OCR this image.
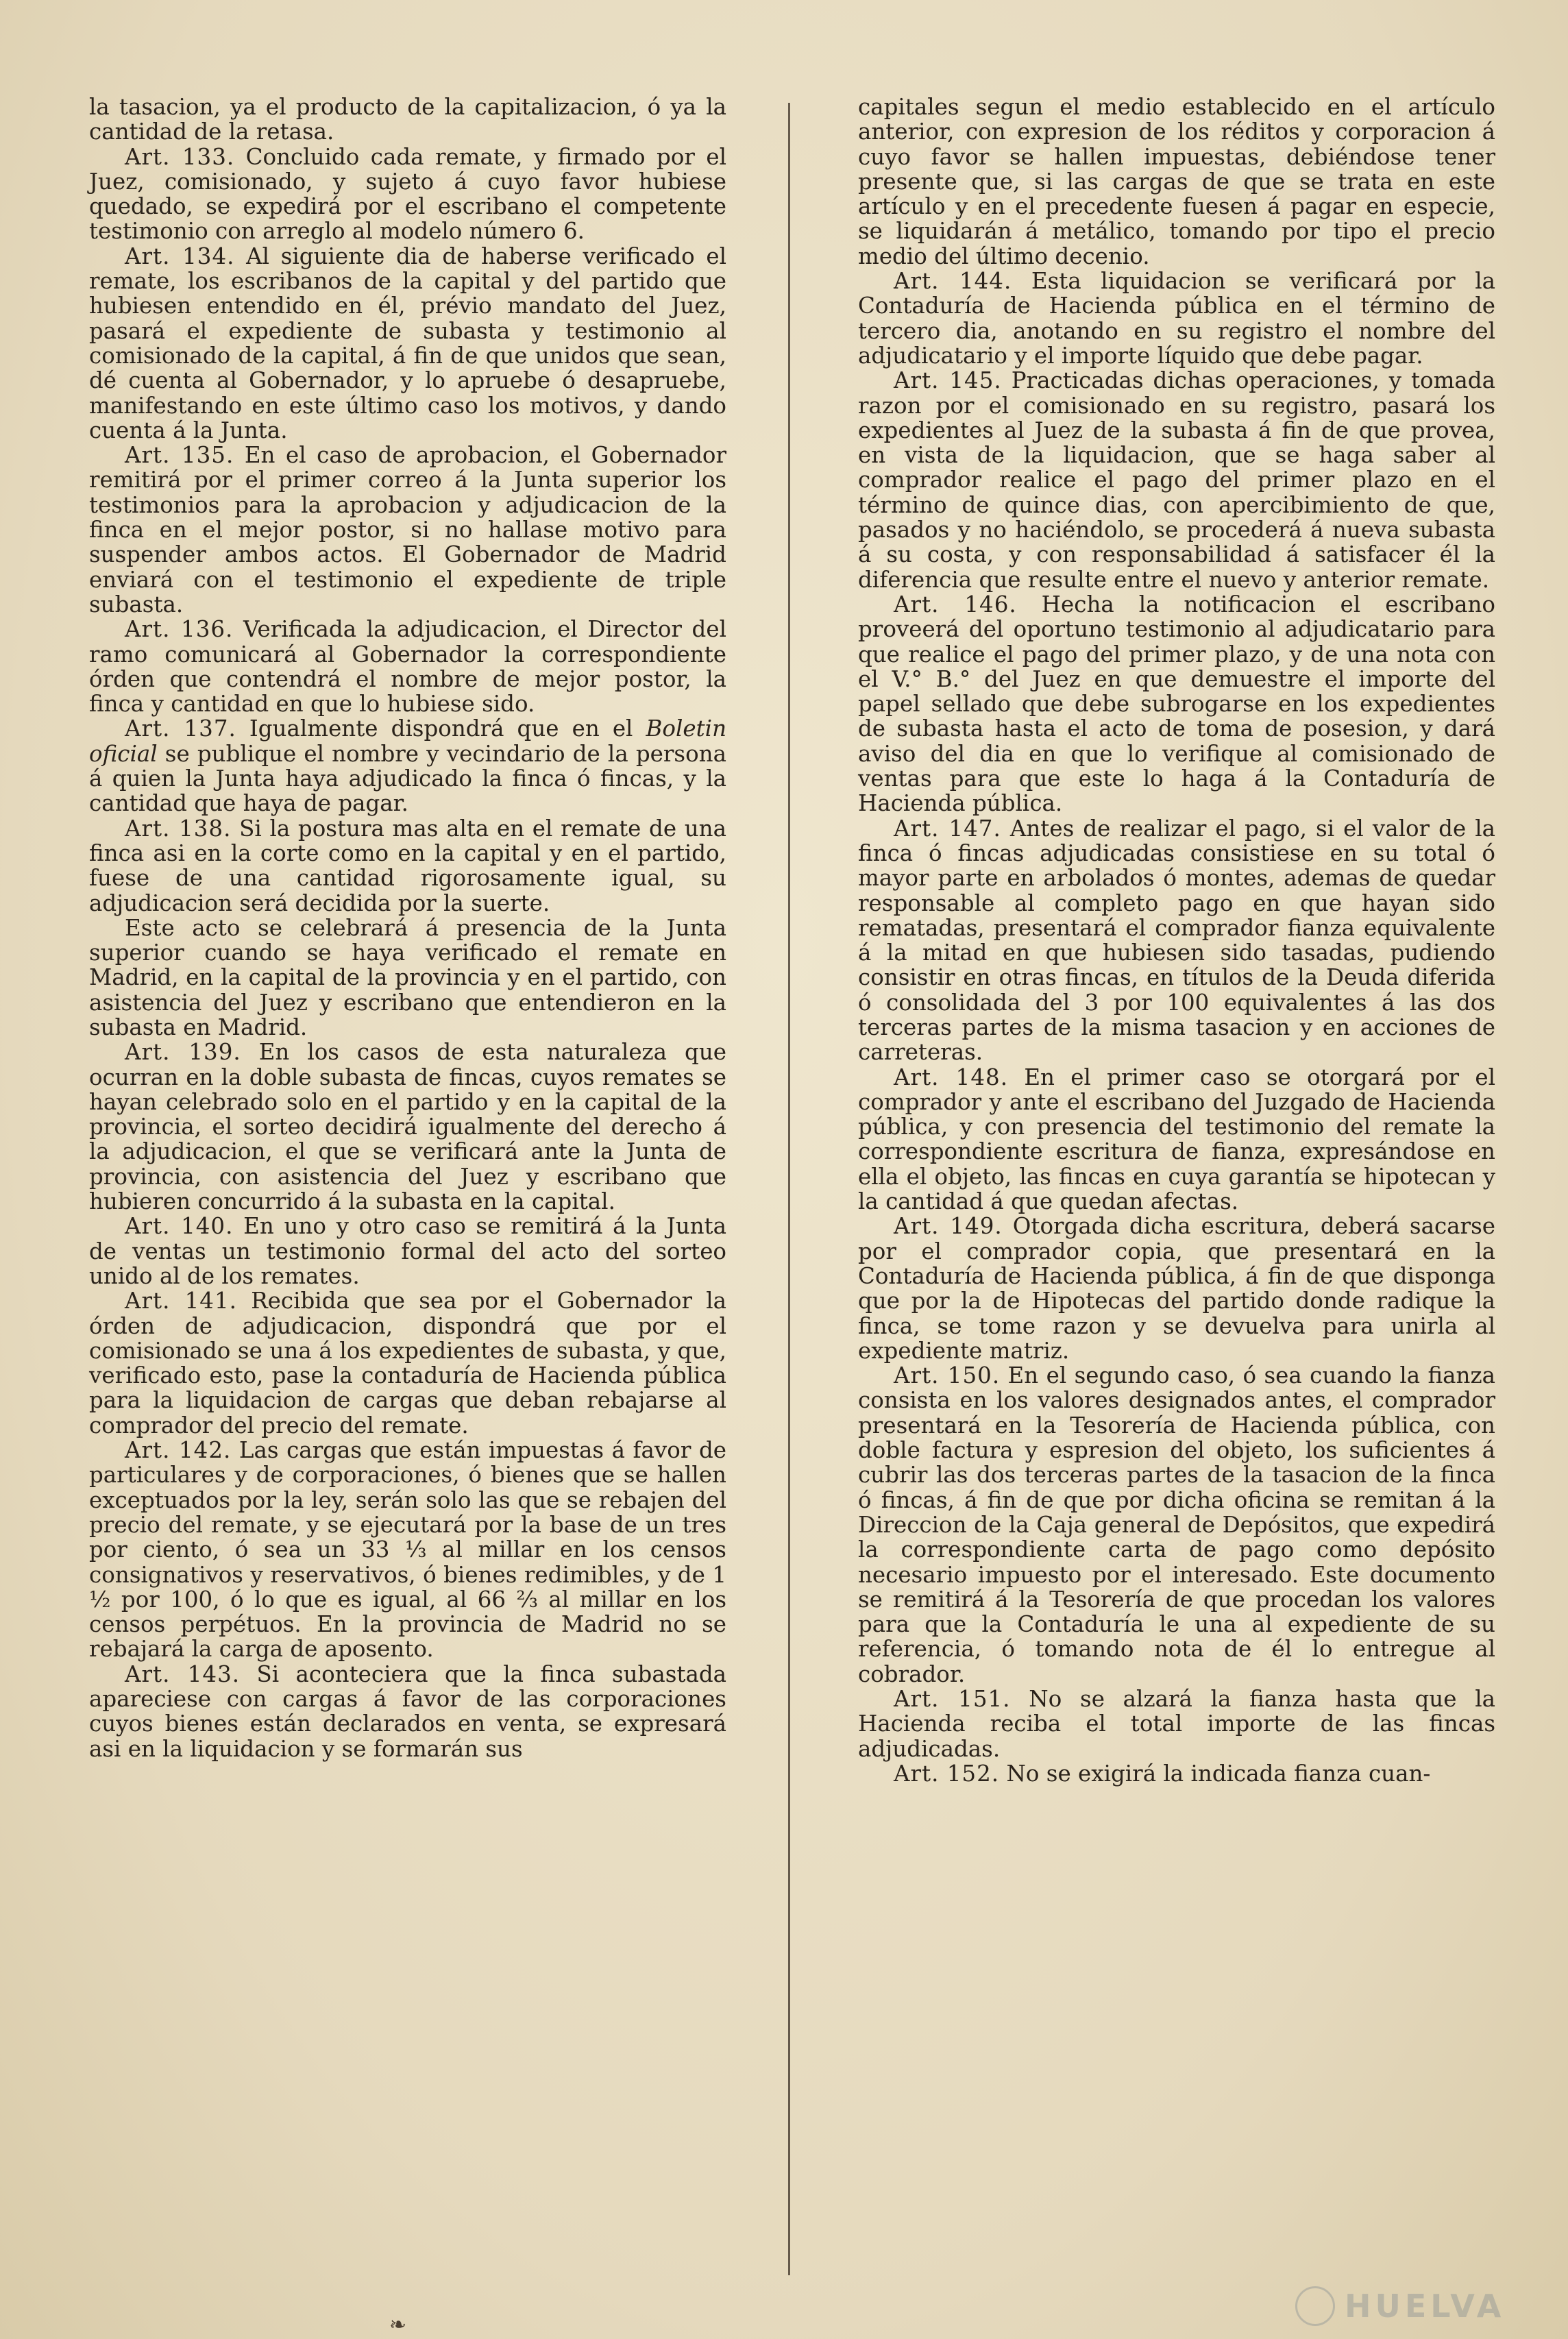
la tasacion, ya el producto de la capitalizacion, ó ya la cantidad de la retasa.

Art. 133. Concluido cada remate, y firmado por el Juez, comisionado, y sujeto á cuyo favor hubiese quedado, se expedirá por el escribano el competente testimonio con arreglo al modelo número 6.

Art. 134. Al siguiente dia de haberse verificado el remate, los escribanos de la capital y del partido que hubiesen entendido en él, prévio mandato del Juez, pasará el expediente de subasta y testimonio al comisionado de la capital, á fin de que unidos que sean, dé cuenta al Gobernador, y lo apruebe ó desapruebe, manifestando en este último caso los motivos, y dando cuenta á la Junta.

Art. 135. En el caso de aprobacion, el Gobernador remitirá por el primer correo á la Junta superior los testimonios para la aprobacion y adjudicacion de la finca en el mejor postor, si no hallase motivo para suspender ambos actos. El Gobernador de Madrid enviará con el testimonio el expediente de triple subasta.

Art. 136. Verificada la adjudicacion, el Director del ramo comunicará al Gobernador la correspondiente órden que contendrá el nombre de mejor postor, la finca y cantidad en que lo hubiese sido.

Art. 137. Igualmente dispondrá que en el Boletin oficial se publique el nombre y vecindario de la persona á quien la Junta haya adjudicado la finca ó fincas, y la cantidad que haya de pagar.

Art. 138. Si la postura mas alta en el remate de una finca asi en la corte como en la capital y en el partido, fuese de una cantidad rigorosamente igual, su adjudicacion será decidida por la suerte.

Este acto se celebrará á presencia de la Junta superior cuando se haya verificado el remate en Madrid, en la capital de la provincia y en el partido, con asistencia del Juez y escribano que entendieron en la subasta en Madrid.

Art. 139. En los casos de esta naturaleza que ocurran en la doble subasta de fincas, cuyos remates se hayan celebrado solo en el partido y en la capital de la provincia, el sorteo decidirá igualmente del derecho á la adjudicacion, el que se verificará ante la Junta de provincia, con asistencia del Juez y escribano que hubieren concurrido á la subasta en la capital.

Art. 140. En uno y otro caso se remitirá á la Junta de ventas un testimonio formal del acto del sorteo unido al de los remates.

Art. 141. Recibida que sea por el Gobernador la órden de adjudicacion, dispondrá que por el comisionado se una á los expedientes de subasta, y que, verificado esto, pase la contaduría de Hacienda pública para la liquidacion de cargas que deban rebajarse al comprador del precio del remate.

Art. 142. Las cargas que están impuestas á favor de particulares y de corporaciones, ó bienes que se hallen exceptuados por la ley, serán solo las que se rebajen del precio del remate, y se ejecutará por la base de un tres por ciento, ó sea un 33 ⅓ al millar en los censos consignativos y reservativos, ó bienes redimibles, y de 1 ½ por 100, ó lo que es igual, al 66 ⅔ al millar en los censos perpétuos. En la provincia de Madrid no se rebajará la carga de aposento.

Art. 143. Si aconteciera que la finca subastada apareciese con cargas á favor de las corporaciones cuyos bienes están declarados en venta, se expresará asi en la liquidacion y se formarán sus

capitales segun el medio establecido en el artículo anterior, con expresion de los réditos y corporacion á cuyo favor se hallen impuestas, debiéndose tener presente que, si las cargas de que se trata en este artículo y en el precedente fuesen á pagar en especie, se liquidarán á metálico, tomando por tipo el precio medio del último decenio.

Art. 144. Esta liquidacion se verificará por la Contaduría de Hacienda pública en el término de tercero dia, anotando en su registro el nombre del adjudicatario y el importe líquido que debe pagar.

Art. 145. Practicadas dichas operaciones, y tomada razon por el comisionado en su registro, pasará los expedientes al Juez de la subasta á fin de que provea, en vista de la liquidacion, que se haga saber al comprador realice el pago del primer plazo en el término de quince dias, con apercibimiento de que, pasados y no haciéndolo, se procederá á nueva subasta á su costa, y con responsabilidad á satisfacer él la diferencia que resulte entre el nuevo y anterior remate.

Art. 146. Hecha la notificacion el escribano proveerá del oportuno testimonio al adjudicatario para que realice el pago del primer plazo, y de una nota con el V.° B.° del Juez en que demuestre el importe del papel sellado que debe subrogarse en los expedientes de subasta hasta el acto de toma de posesion, y dará aviso del dia en que lo verifique al comisionado de ventas para que este lo haga á la Contaduría de Hacienda pública.

Art. 147. Antes de realizar el pago, si el valor de la finca ó fincas adjudicadas consistiese en su total ó mayor parte en arbolados ó montes, ademas de quedar responsable al completo pago en que hayan sido rematadas, presentará el comprador fianza equivalente á la mitad en que hubiesen sido tasadas, pudiendo consistir en otras fincas, en títulos de la Deuda diferida ó consolidada del 3 por 100 equivalentes á las dos terceras partes de la misma tasacion y en acciones de carreteras.

Art. 148. En el primer caso se otorgará por el comprador y ante el escribano del Juzgado de Hacienda pública, y con presencia del testimonio del remate la correspondiente escritura de fianza, expresándose en ella el objeto, las fincas en cuya garantía se hipotecan y la cantidad á que quedan afectas.

Art. 149. Otorgada dicha escritura, deberá sacarse por el comprador copia, que presentará en la Contaduría de Hacienda pública, á fin de que disponga que por la de Hipotecas del partido donde radique la finca, se tome razon y se devuelva para unirla al expediente matriz.

Art. 150. En el segundo caso, ó sea cuando la fianza consista en los valores designados antes, el comprador presentará en la Tesorería de Hacienda pública, con doble factura y espresion del objeto, los suficientes á cubrir las dos terceras partes de la tasacion de la finca ó fincas, á fin de que por dicha oficina se remitan á la Direccion de la Caja general de Depósitos, que expedirá la correspondiente carta de pago como depósito necesario impuesto por el interesado. Este documento se remitirá á la Tesorería de que procedan los valores para que la Contaduría le una al expediente de su referencia, ó tomando nota de él lo entregue al cobrador.

Art. 151. No se alzará la fianza hasta que la Hacienda reciba el total importe de las fincas adjudicadas.

Art. 152. No se exigirá la indicada fianza cuan-

❧
HUELVA
